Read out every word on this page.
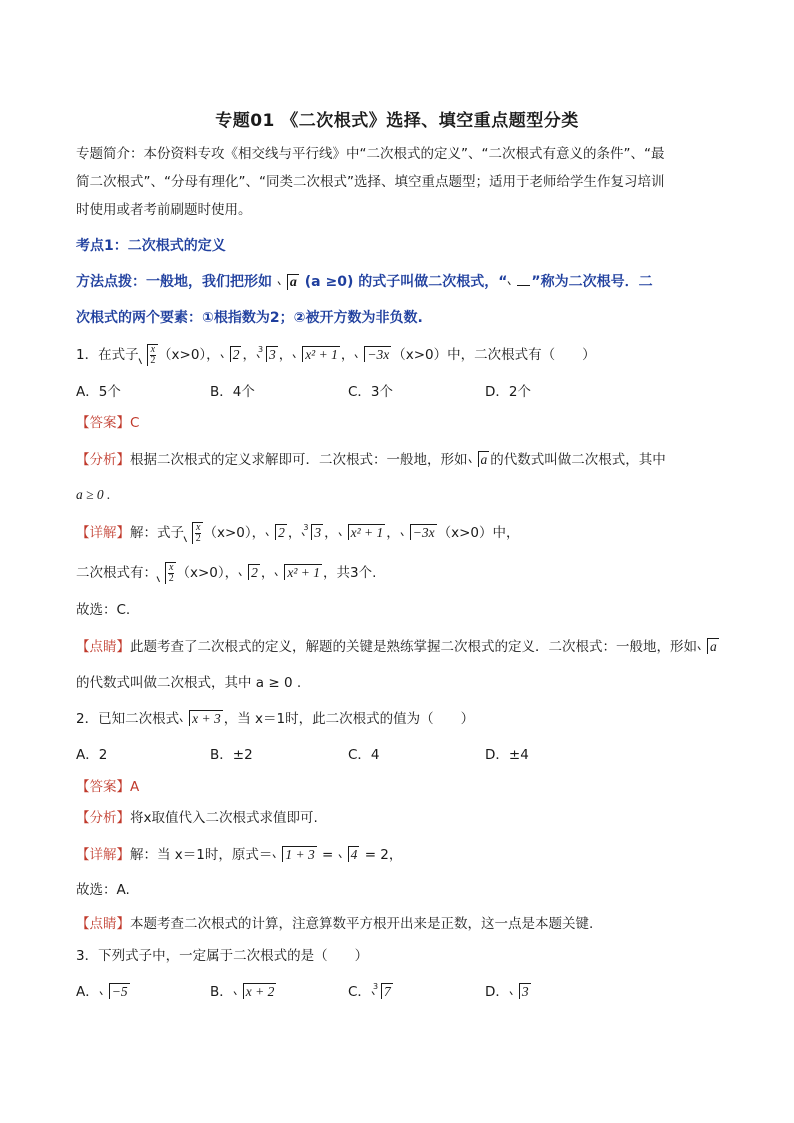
专题01 《二次根式》选择、填空重点题型分类
专题简介：本份资料专攻《相交线与平行线》中“二次根式的定义”、“二次根式有意义的条件”、“最
简二次根式”、“分母有理化”、“同类二次根式”选择、填空重点题型；适用于老师给学生作复习培训
时使用或者考前刷题时使用。
考点1：二次根式的定义
方法点拨：一般地，我们把形如 a (a ≥0) 的式子叫做二次根式，“ ”称为二次根号．二
次根式的两个要素：①根指数为2；②被开方数为非负数.
1．在式子 $\frac{x}{2} (x>0)$， 2 ， 3 3 ， x² + 1 ， −3x （x>0）中，二次根式有（　　）
A．5个	B．4个	C．3个	D．2个
【答案】C
【分析】根据二次根式的定义求解即可．二次根式：一般地，形如 a 的代数式叫做二次根式，其中
a ≥ 0 .
【详解】解：式子 $\frac{x}{2} (x>0)$， 2 ， 3 3 ， x² + 1 ， −3x （x>0）中，
二次根式有： $\frac{x}{2} (x>0)$， 2 ， x² + 1 ，共3个.
故选：C.
【点睛】此题考查了二次根式的定义，解题的关键是熟练掌握二次根式的定义．二次根式：一般地，形如 a
的代数式叫做二次根式，其中 a ≥ 0 .
2．已知二次根式 x + 3 ，当 x＝1时，此二次根式的值为（　　）
A．2	B．±2	C．4	D．±4
【答案】A
【分析】将x取值代入二次根式求值即可.
【详解】解：当 x＝1时，原式＝ 1 + 3 = 4 = 2，
故选：A.
【点睛】本题考查二次根式的计算，注意算数平方根开出来是正数，这一点是本题关键.
3．下列式子中，一定属于二次根式的是（　　）
A． −5	B． x + 2	C． 3 7	D． 3
